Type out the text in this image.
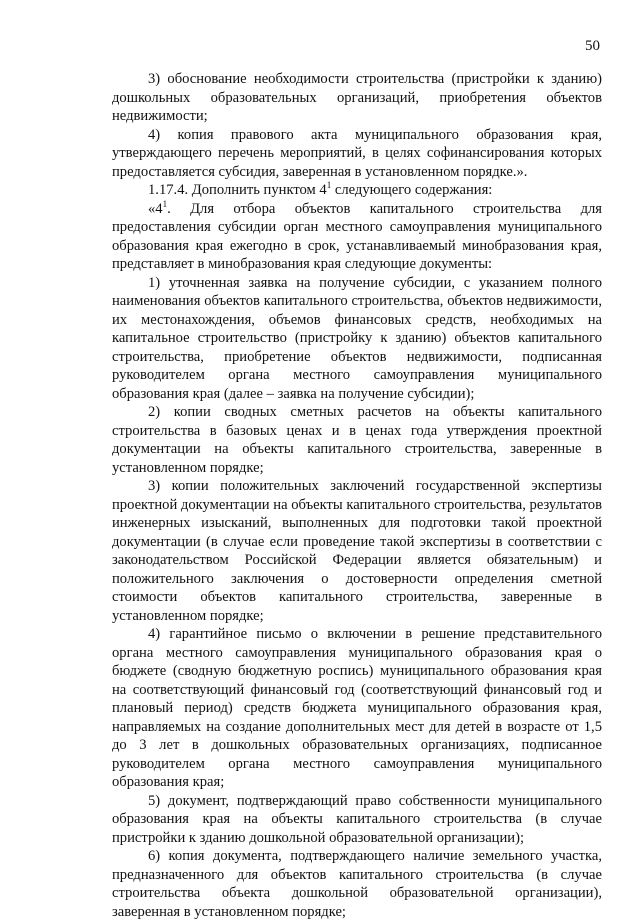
50

3) обоснование необходимости строительства (пристройки к зданию) дошкольных образовательных организаций, приобретения объектов недвижимости;

4) копия правового акта муниципального образования края, утверждающего перечень мероприятий, в целях софинансирования которых предоставляется субсидия, заверенная в установленном порядке.».

1.17.4. Дополнить пунктом $4^1$ следующего содержания:

«$4^1$. Для отбора объектов капитального строительства для предоставления субсидии орган местного самоуправления муниципального образования края ежегодно в срок, устанавливаемый минобразования края, представляет в минобразования края следующие документы:

1) уточненная заявка на получение субсидии, с указанием полного наименования объектов капитального строительства, объектов недвижимости, их местонахождения, объемов финансовых средств, необходимых на капитальное строительство (пристройку к зданию) объектов капитального строительства, приобретение объектов недвижимости, подписанная руководителем органа местного самоуправления муниципального образования края (далее – заявка на получение субсидии);

2) копии сводных сметных расчетов на объекты капитального строительства в базовых ценах и в ценах года утверждения проектной документации на объекты капитального строительства, заверенные в установленном порядке;

3) копии положительных заключений государственной экспертизы проектной документации на объекты капитального строительства, результатов инженерных изысканий, выполненных для подготовки такой проектной документации (в случае если проведение такой экспертизы в соответствии с законодательством Российской Федерации является обязательным) и положительного заключения о достоверности определения сметной стоимости объектов капитального строительства, заверенные в установленном порядке;

4) гарантийное письмо о включении в решение представительного органа местного самоуправления муниципального образования края о бюджете (сводную бюджетную роспись) муниципального образования края на соответствующий финансовый год (соответствующий финансовый год и плановый период) средств бюджета муниципального образования края, направляемых на создание дополнительных мест для детей в возрасте от 1,5 до 3 лет в дошкольных образовательных организациях, подписанное руководителем органа местного самоуправления муниципального образования края;

5) документ, подтверждающий право собственности муниципального образования края на объекты капитального строительства (в случае пристройки к зданию дошкольной образовательной организации);

6) копия документа, подтверждающего наличие земельного участка, предназначенного для объектов капитального строительства (в случае строительства объекта дошкольной образовательной организации), заверенная в установленном порядке;
